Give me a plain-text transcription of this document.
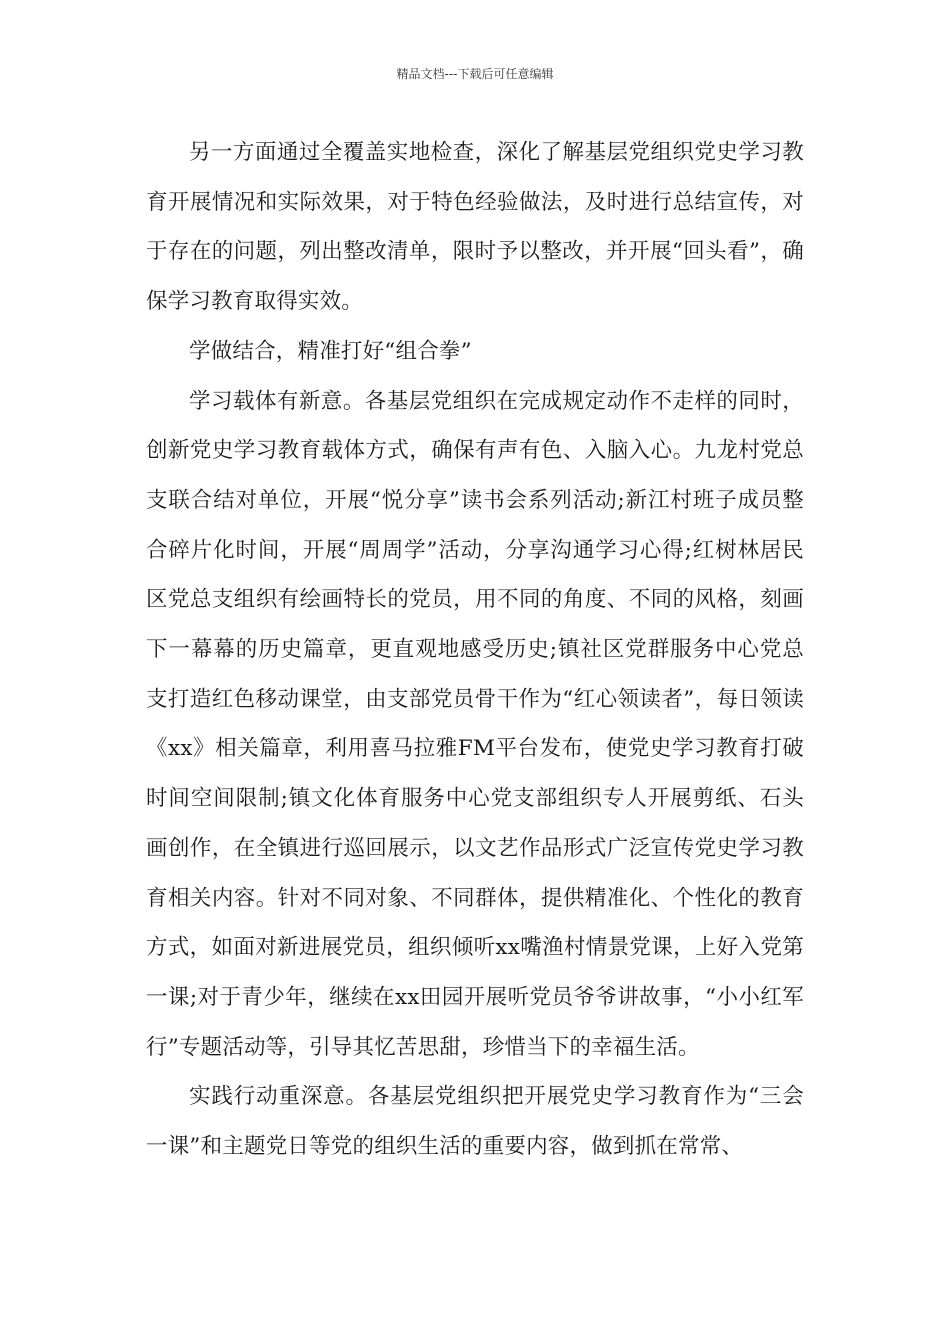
精品文档---下载后可任意编辑

另一方面通过全覆盖实地检查，深化了解基层党组织党史学习教育开展情况和实际效果，对于特色经验做法，及时进行总结宣传，对于存在的问题，列出整改清单，限时予以整改，并开展“回头看”，确保学习教育取得实效。

学做结合，精准打好“组合拳”

学习载体有新意。各基层党组织在完成规定动作不走样的同时，创新党史学习教育载体方式，确保有声有色、入脑入心。九龙村党总支联合结对单位，开展“悦分享”读书会系列活动;新江村班子成员整合碎片化时间，开展“周周学”活动，分享沟通学习心得;红树林居民区党总支组织有绘画特长的党员，用不同的角度、不同的风格，刻画下一幕幕的历史篇章，更直观地感受历史;镇社区党群服务中心党总支打造红色移动课堂，由支部党员骨干作为“红心领读者”，每日领读《xx》相关篇章，利用喜马拉雅FM平台发布，使党史学习教育打破时间空间限制;镇文化体育服务中心党支部组织专人开展剪纸、石头画创作，在全镇进行巡回展示，以文艺作品形式广泛宣传党史学习教育相关内容。针对不同对象、不同群体，提供精准化、个性化的教育方式，如面对新进展党员，组织倾听xx嘴渔村情景党课，上好入党第一课;对于青少年，继续在xx田园开展听党员爷爷讲故事，“小小红军行”专题活动等，引导其忆苦思甜，珍惜当下的幸福生活。

实践行动重深意。各基层党组织把开展党史学习教育作为“三会一课”和主题党日等党的组织生活的重要内容，做到抓在常常、
